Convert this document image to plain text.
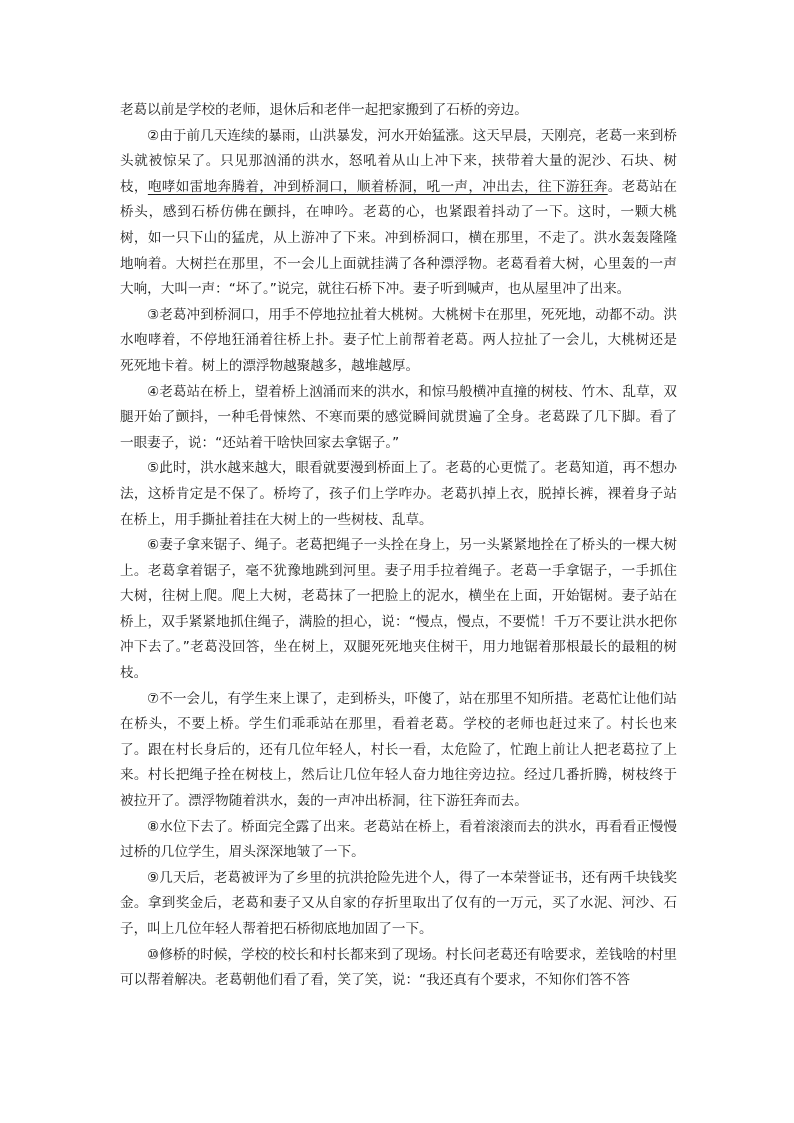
老葛以前是学校的老师，退休后和老伴一起把家搬到了石桥的旁边。

②由于前几天连续的暴雨，山洪暴发，河水开始猛涨。这天早晨，天刚亮，老葛一来到桥头就被惊呆了。只见那汹涌的洪水，怒吼着从山上冲下来，挟带着大量的泥沙、石块、树枝，咆哮如雷地奔腾着，冲到桥洞口，顺着桥洞，吼一声，冲出去，往下游狂奔。老葛站在桥头，感到石桥仿佛在颤抖，在呻吟。老葛的心，也紧跟着抖动了一下。这时，一颗大桃树，如一只下山的猛虎，从上游冲了下来。冲到桥洞口，横在那里，不走了。洪水轰轰隆隆地响着。大树拦在那里，不一会儿上面就挂满了各种漂浮物。老葛看着大树，心里轰的一声大响，大叫一声：“坏了。”说完，就往石桥下冲。妻子听到喊声，也从屋里冲了出来。

③老葛冲到桥洞口，用手不停地拉扯着大桃树。大桃树卡在那里，死死地，动都不动。洪水咆哮着，不停地狂涌着往桥上扑。妻子忙上前帮着老葛。两人拉扯了一会儿，大桃树还是死死地卡着。树上的漂浮物越聚越多，越堆越厚。

④老葛站在桥上，望着桥上汹涌而来的洪水，和惊马般横冲直撞的树枝、竹木、乱草，双腿开始了颤抖，一种毛骨悚然、不寒而栗的感觉瞬间就贯遍了全身。老葛跺了几下脚。看了一眼妻子，说：“还站着干啥快回家去拿锯子。”

⑤此时，洪水越来越大，眼看就要漫到桥面上了。老葛的心更慌了。老葛知道，再不想办法，这桥肯定是不保了。桥垮了，孩子们上学咋办。老葛扒掉上衣，脱掉长裤，裸着身子站在桥上，用手撕扯着挂在大树上的一些树枝、乱草。

⑥妻子拿来锯子、绳子。老葛把绳子一头拴在身上，另一头紧紧地拴在了桥头的一棵大树上。老葛拿着锯子，毫不犹豫地跳到河里。妻子用手拉着绳子。老葛一手拿锯子，一手抓住大树，往树上爬。爬上大树，老葛抹了一把脸上的泥水，横坐在上面，开始锯树。妻子站在桥上，双手紧紧地抓住绳子，满脸的担心，说：“慢点，慢点，不要慌！千万不要让洪水把你冲下去了。”老葛没回答，坐在树上，双腿死死地夹住树干，用力地锯着那根最长的最粗的树枝。

⑦不一会儿，有学生来上课了，走到桥头，吓傻了，站在那里不知所措。老葛忙让他们站在桥头，不要上桥。学生们乖乖站在那里，看着老葛。学校的老师也赶过来了。村长也来了。跟在村长身后的，还有几位年轻人，村长一看，太危险了，忙跑上前让人把老葛拉了上来。村长把绳子拴在树枝上，然后让几位年轻人奋力地往旁边拉。经过几番折腾，树枝终于被拉开了。漂浮物随着洪水，轰的一声冲出桥洞，往下游狂奔而去。

⑧水位下去了。桥面完全露了出来。老葛站在桥上，看着滚滚而去的洪水，再看看正慢慢过桥的几位学生，眉头深深地皱了一下。

⑨几天后，老葛被评为了乡里的抗洪抢险先进个人，得了一本荣誉证书，还有两千块钱奖金。拿到奖金后，老葛和妻子又从自家的存折里取出了仅有的一万元，买了水泥、河沙、石子，叫上几位年轻人帮着把石桥彻底地加固了一下。

⑩修桥的时候，学校的校长和村长都来到了现场。村长问老葛还有啥要求，差钱啥的村里可以帮着解决。老葛朝他们看了看，笑了笑，说：“我还真有个要求，不知你们答不答
